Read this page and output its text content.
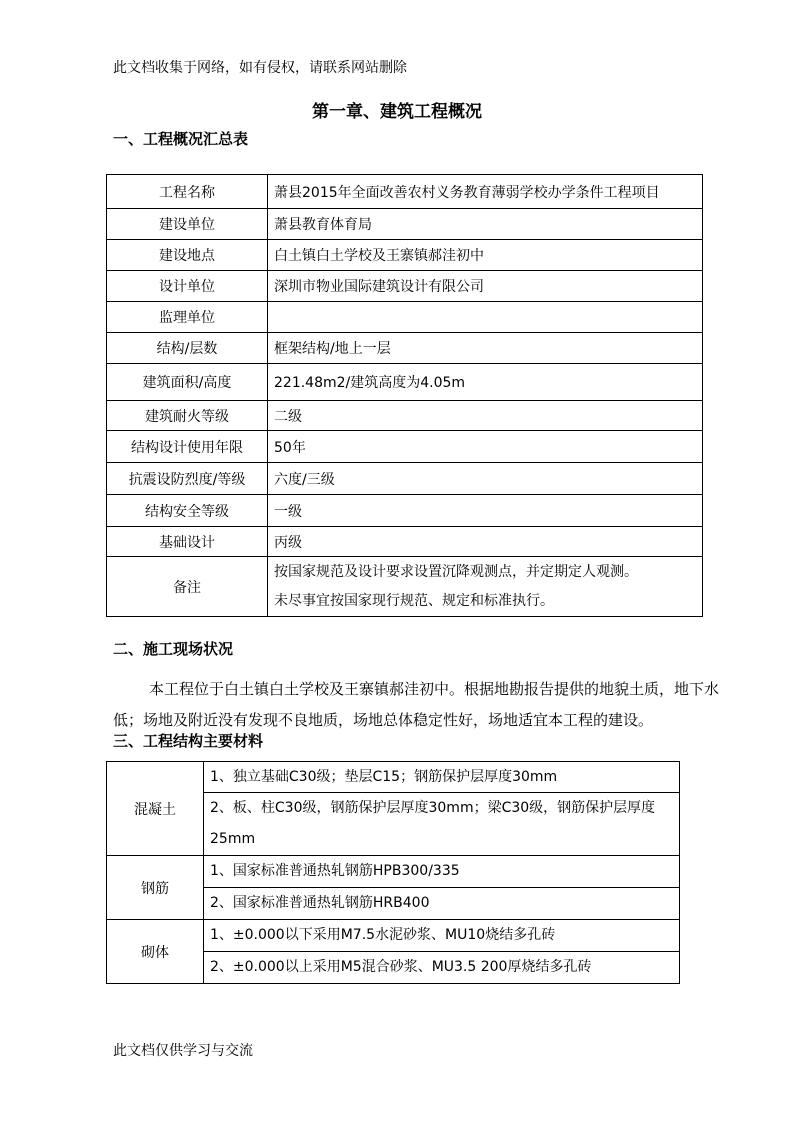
此文档收集于网络，如有侵权，请联系网站删除
第一章、建筑工程概况
一、工程概况汇总表
工程名称	萧县2015年全面改善农村义务教育薄弱学校办学条件工程项目
建设单位	萧县教育体育局
建设地点	白土镇白土学校及王寨镇郝洼初中
设计单位	深圳市物业国际建筑设计有限公司
监理单位	
结构/层数	框架结构/地上一层
建筑面积/高度	221.48m2/建筑高度为4.05m
建筑耐火等级	二级
结构设计使用年限	50年
抗震设防烈度/等级	六度/三级
结构安全等级	一级
基础设计	丙级
备注	按国家规范及设计要求设置沉降观测点，并定期定人观测。
未尽事宜按国家现行规范、规定和标准执行。
二、施工现场状况
本工程位于白土镇白土学校及王寨镇郝洼初中。根据地勘报告提供的地貌土质，地下水低；场地及附近没有发现不良地质，场地总体稳定性好，场地适宜本工程的建设。
三、工程结构主要材料
混凝土	1、独立基础C30级；垫层C15；钢筋保护层厚度30mm
2、板、柱C30级，钢筋保护层厚度30mm；梁C30级，钢筋保护层厚度25mm

钢筋	1、国家标准普通热轧钢筋HPB300/335
2、国家标准普通热轧钢筋HRB400

砌体	1、±0.000以下采用M7.5水泥砂浆、MU10烧结多孔砖
2、±0.000以上采用M5混合砂浆、MU3.5 200厚烧结多孔砖
此文档仅供学习与交流
